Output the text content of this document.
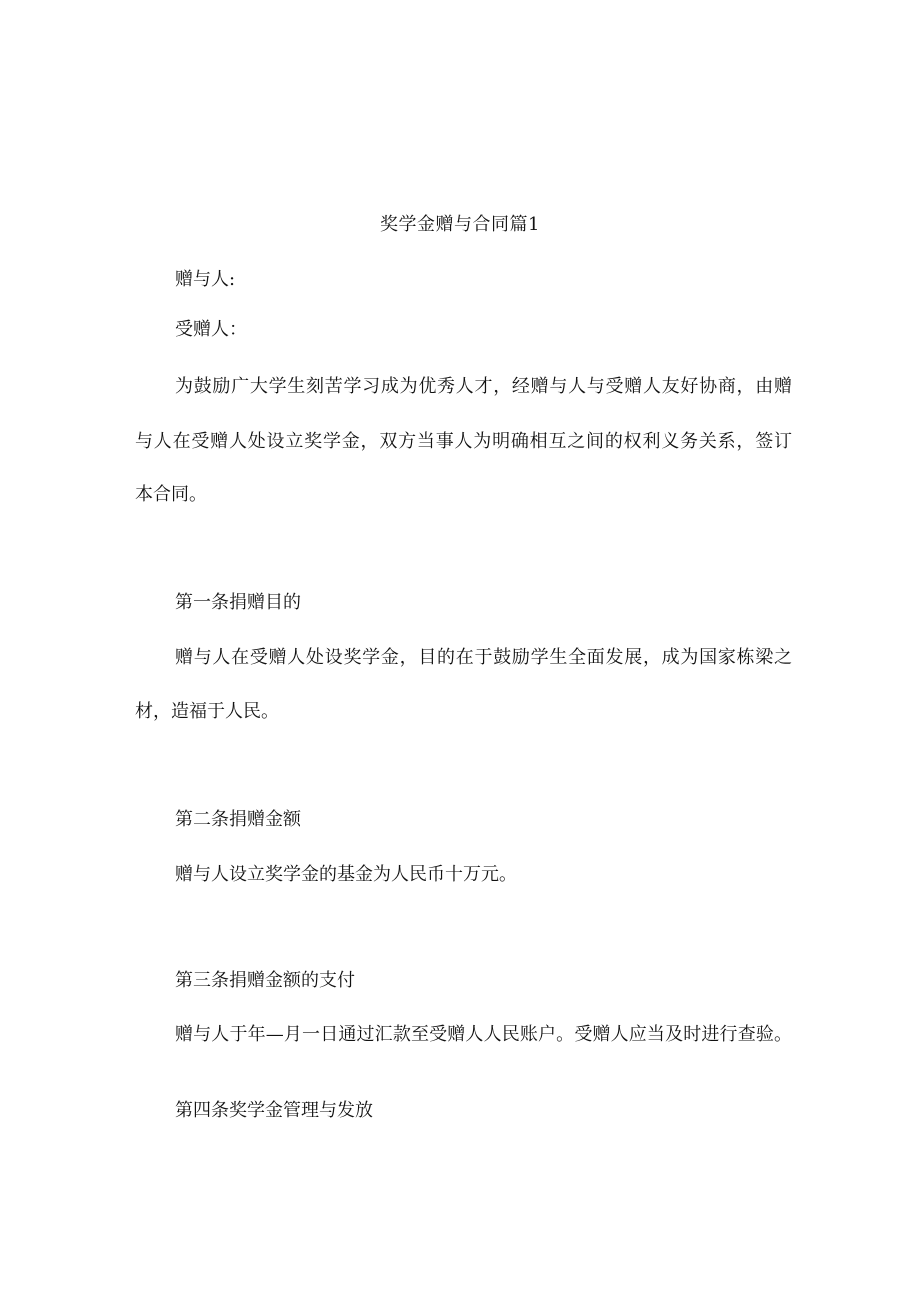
奖学金赠与合同篇1
赠与人:
受赠人：
为鼓励广大学生刻苦学习成为优秀人才，经赠与人与受赠人友好协商，由赠
与人在受赠人处设立奖学金，双方当事人为明确相互之间的权利义务关系，签订
本合同。
第一条捐赠目的
赠与人在受赠人处设奖学金，目的在于鼓励学生全面发展，成为国家栋梁之
材，造福于人民。
第二条捐赠金额
赠与人设立奖学金的基金为人民币十万元。
第三条捐赠金额的支付
赠与人于年—月一日通过汇款至受赠人人民账户。受赠人应当及时进行查验。
第四条奖学金管理与发放
